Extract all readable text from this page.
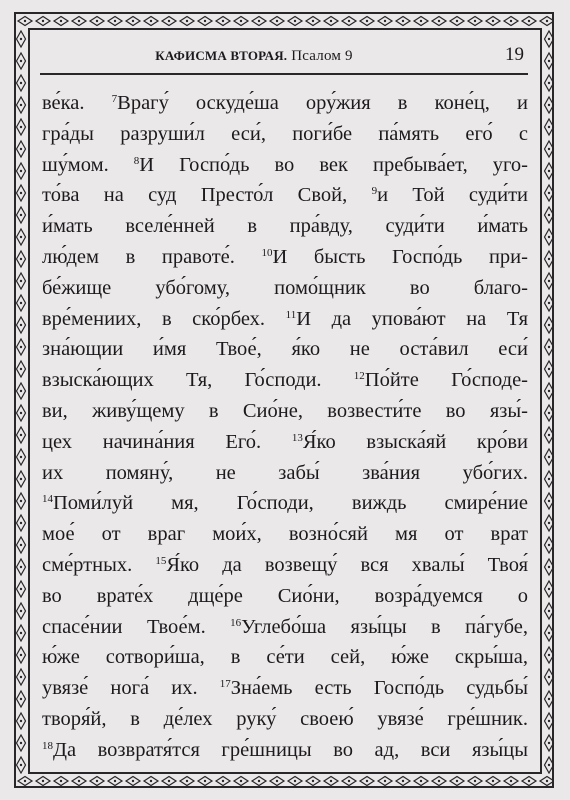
КАФИСМА ВТОРАЯ. Псалом 9	19
ве́ка. $^7$Врагу́ оскуде́ша ору́жия в коне́ц, и
гра́ды разруши́л еси́, поги́бе па́мять его́ с
шу́мом. $^8$И Госпо́дь во век пребыва́ет, уго-
то́ва на суд Престо́л Свой, $^9$и Той суди́ти
и́мать вселе́нней в пра́вду, суди́ти и́мать
лю́дем в правоте́. $^{10}$И бысть Госпо́дь при-
бе́жище убо́гому, помо́щник во благо-
вре́мениих, в ско́рбех. $^{11}$И да упова́ют на Тя
зна́ющии и́мя Твое́, я́ко не оста́вил еси́
взыска́ющих Тя, Го́споди. $^{12}$По́йте Го́споде-
ви, живу́щему в Сио́не, возвести́те во язы́-
цех начина́ния Его́. $^{13}$Я́ко взыска́яй кро́ви
их помяну́, не забы́ зва́ния убо́гих.
$^{14}$Поми́луй мя, Го́споди, виждь смире́ние
мое́ от враг мои́х, возно́сяй мя от врат
сме́ртных. $^{15}$Я́ко да возвещу́ вся хвалы́ Твоя́
во врате́х дще́ре Сио́ни, возра́дуемся о
спасе́нии Твое́м. $^{16}$Углебо́ша язы́цы в па́губе,
ю́же сотвори́ша, в се́ти сей, ю́же скры́ша,
увязе́ нога́ их. $^{17}$Зна́емь есть Госпо́дь судьбы́
творя́й, в де́лех руку́ своею́ увязе́ гре́шник.
$^{18}$Да возвратя́тся гре́шницы во ад, вси язы́цы
